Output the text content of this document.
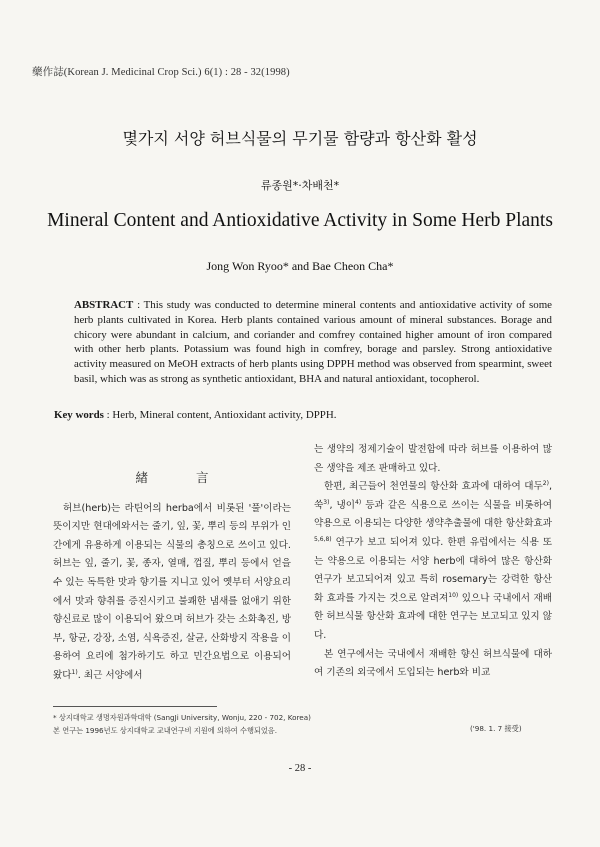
藥作誌(Korean J. Medicinal Crop Sci.) 6(1) : 28 - 32(1998)
몇가지 서양 허브식물의 무기물 함량과 항산화 활성
류종원*·차배천*
Mineral Content and Antioxidative Activity in Some Herb Plants
Jong Won Ryoo* and Bae Cheon Cha*
ABSTRACT : This study was conducted to determine mineral contents and antioxidative activity of some herb plants cultivated in Korea. Herb plants contained various amount of mineral substances. Borage and chicory were abundant in calcium, and coriander and comfrey contained higher amount of iron compared with other herb plants. Potassium was found high in comfrey, borage and parsley. Strong antioxidative activity measured on MeOH extracts of herb plants using DPPH method was observed from spearmint, sweet basil, which was as strong as synthetic antioxidant, BHA and natural antioxidant, tocopherol.
Key words : Herb, Mineral content, Antioxidant activity, DPPH.
緖 言

허브(herb)는 라틴어의 herba에서 비롯된 '풀'이라는 뜻이지만 현대에와서는 줄기, 잎, 꽃, 뿌리 등의 부위가 인간에게 유용하게 이용되는 식물의 총칭으로 쓰이고 있다. 허브는 잎, 줄기, 꽃, 종자, 열매, 껍질, 뿌리 등에서 얻을 수 있는 독특한 맛과 향기를 지니고 있어 옛부터 서양요리에서 맛과 향취를 증진시키고 불쾌한 냄새를 없애기 위한 향신료로 많이 이용되어 왔으며 허브가 갖는 소화촉진, 방부, 항균, 강장, 소염, 식욕증진, 살균, 산화방지 작용을 이용하여 요리에 첨가하기도 하고 민간요법으로 이용되어 왔다$^{1)}$. 최근 서양에서

는 생약의 정제기술이 발전함에 따라 허브를 이용하여 많은 생약을 제조 판매하고 있다.

한편, 최근들어 천연물의 항산화 효과에 대하여 대두$^{2)}$, 쑥$^{3)}$, 냉이$^{4)}$ 등과 같은 식용으로 쓰이는 식물을 비롯하여 약용으로 이용되는 다양한 생약추출물에 대한 항산화효과$^{5,6,8)}$ 연구가 보고 되어져 있다. 한편 유럽에서는 식용 또는 약용으로 이용되는 서양 herb에 대하여 많은 항산화 연구가 보고되어져 있고 특히 rosemary는 강력한 항산화 효과를 가지는 것으로 알려져$^{10)}$ 있으나 국내에서 재배한 허브식물 항산화 효과에 대한 연구는 보고되고 있지 않다.

본 연구에서는 국내에서 재배한 향신 허브식물에 대하여 기존의 외국에서 도입되는 herb와 비교

* 상지대학교 생명자원과학대학 (SangJi University, Wonju, 220 - 702, Korea)
본 연구는 1996년도 상지대학교 교내연구비 지원에 의하여 수행되었음.	('98. 1. 7 接受)
- 28 -
